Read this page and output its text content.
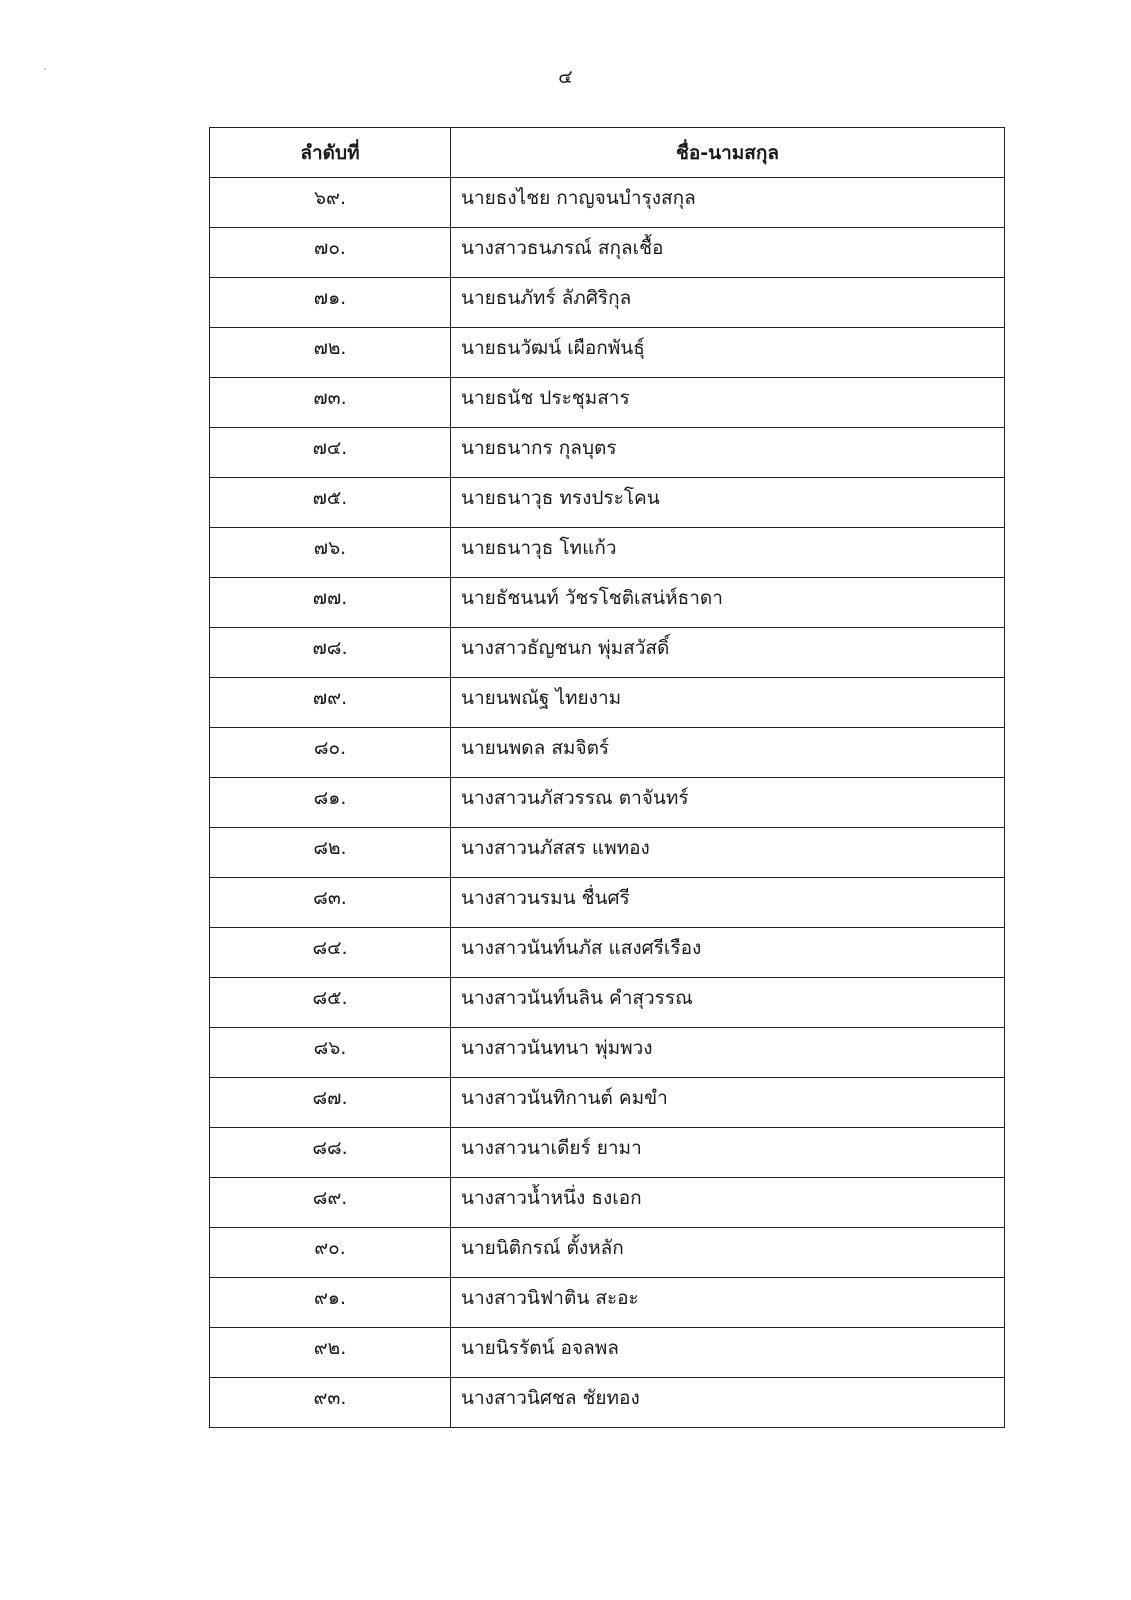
๔
ลำดับที่	ชื่อ-นามสกุล
๖๙.	นายธงไชย กาญจนบำรุงสกุล
๗๐.	นางสาวธนภรณ์ สกุลเชื้อ
๗๑.	นายธนภัทร์ ลัภศิริกุล
๗๒.	นายธนวัฒน์ เผือกพันธุ์
๗๓.	นายธนัช ประชุมสาร
๗๔.	นายธนากร กุลบุตร
๗๕.	นายธนาวุธ ทรงประโคน
๗๖.	นายธนาวุธ โทแก้ว
๗๗.	นายธัชนนท์ วัชรโชติเสน่ห์ธาดา
๗๘.	นางสาวธัญชนก พุ่มสวัสดิ์
๗๙.	นายนพณัฐ ไทยงาม
๘๐.	นายนพดล สมจิตร์
๘๑.	นางสาวนภัสวรรณ ตาจันทร์
๘๒.	นางสาวนภัสสร แพทอง
๘๓.	นางสาวนรมน ชื่นศรี
๘๔.	นางสาวนันท์นภัส แสงศรีเรือง
๘๕.	นางสาวนันท์นลิน คำสุวรรณ
๘๖.	นางสาวนันทนา พุ่มพวง
๘๗.	นางสาวนันทิกานต์ คมขำ
๘๘.	นางสาวนาเดียร์ ยามา
๘๙.	นางสาวน้ำหนึ่ง ธงเอก
๙๐.	นายนิติกรณ์ ตั้งหลัก
๙๑.	นางสาวนิฟาติน สะอะ
๙๒.	นายนิรรัตน์ อจลพล
๙๓.	นางสาวนิศชล ชัยทอง
